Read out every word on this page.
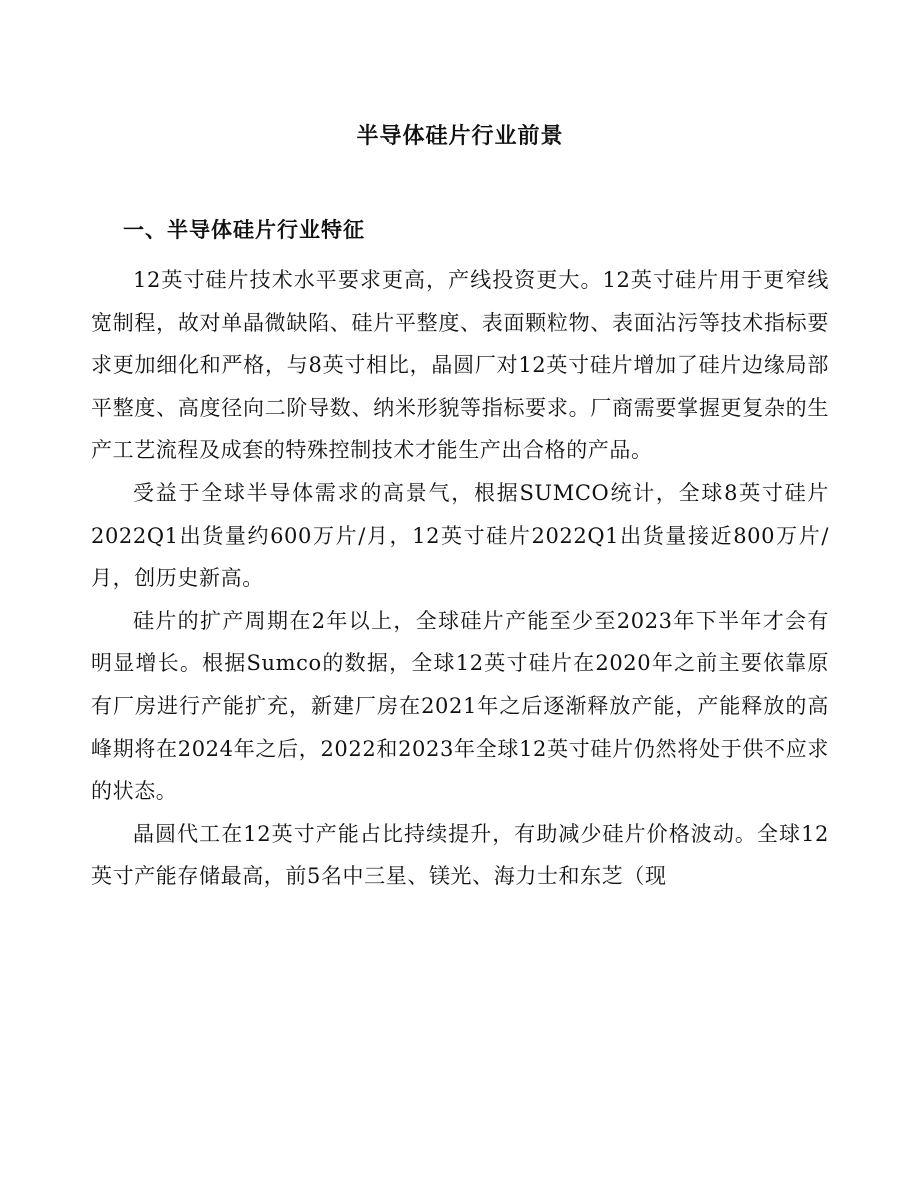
半导体硅片行业前景
一、半导体硅片行业特征

12英寸硅片技术水平要求更高，产线投资更大。12英寸硅片用于更窄线宽制程，故对单晶微缺陷、硅片平整度、表面颗粒物、表面沾污等技术指标要求更加细化和严格，与8英寸相比，晶圆厂对12英寸硅片增加了硅片边缘局部平整度、高度径向二阶导数、纳米形貌等指标要求。厂商需要掌握更复杂的生产工艺流程及成套的特殊控制技术才能生产出合格的产品。

受益于全球半导体需求的高景气，根据SUMCO统计，全球8英寸硅片2022Q1出货量约600万片/月，12英寸硅片2022Q1出货量接近800万片/月，创历史新高。

硅片的扩产周期在2年以上，全球硅片产能至少至2023年下半年才会有明显增长。根据Sumco的数据，全球12英寸硅片在2020年之前主要依靠原有厂房进行产能扩充，新建厂房在2021年之后逐渐释放产能，产能释放的高峰期将在2024年之后，2022和2023年全球12英寸硅片仍然将处于供不应求的状态。

晶圆代工在12英寸产能占比持续提升，有助减少硅片价格波动。全球12英寸产能存储最高，前5名中三星、镁光、海力士和东芝（现
